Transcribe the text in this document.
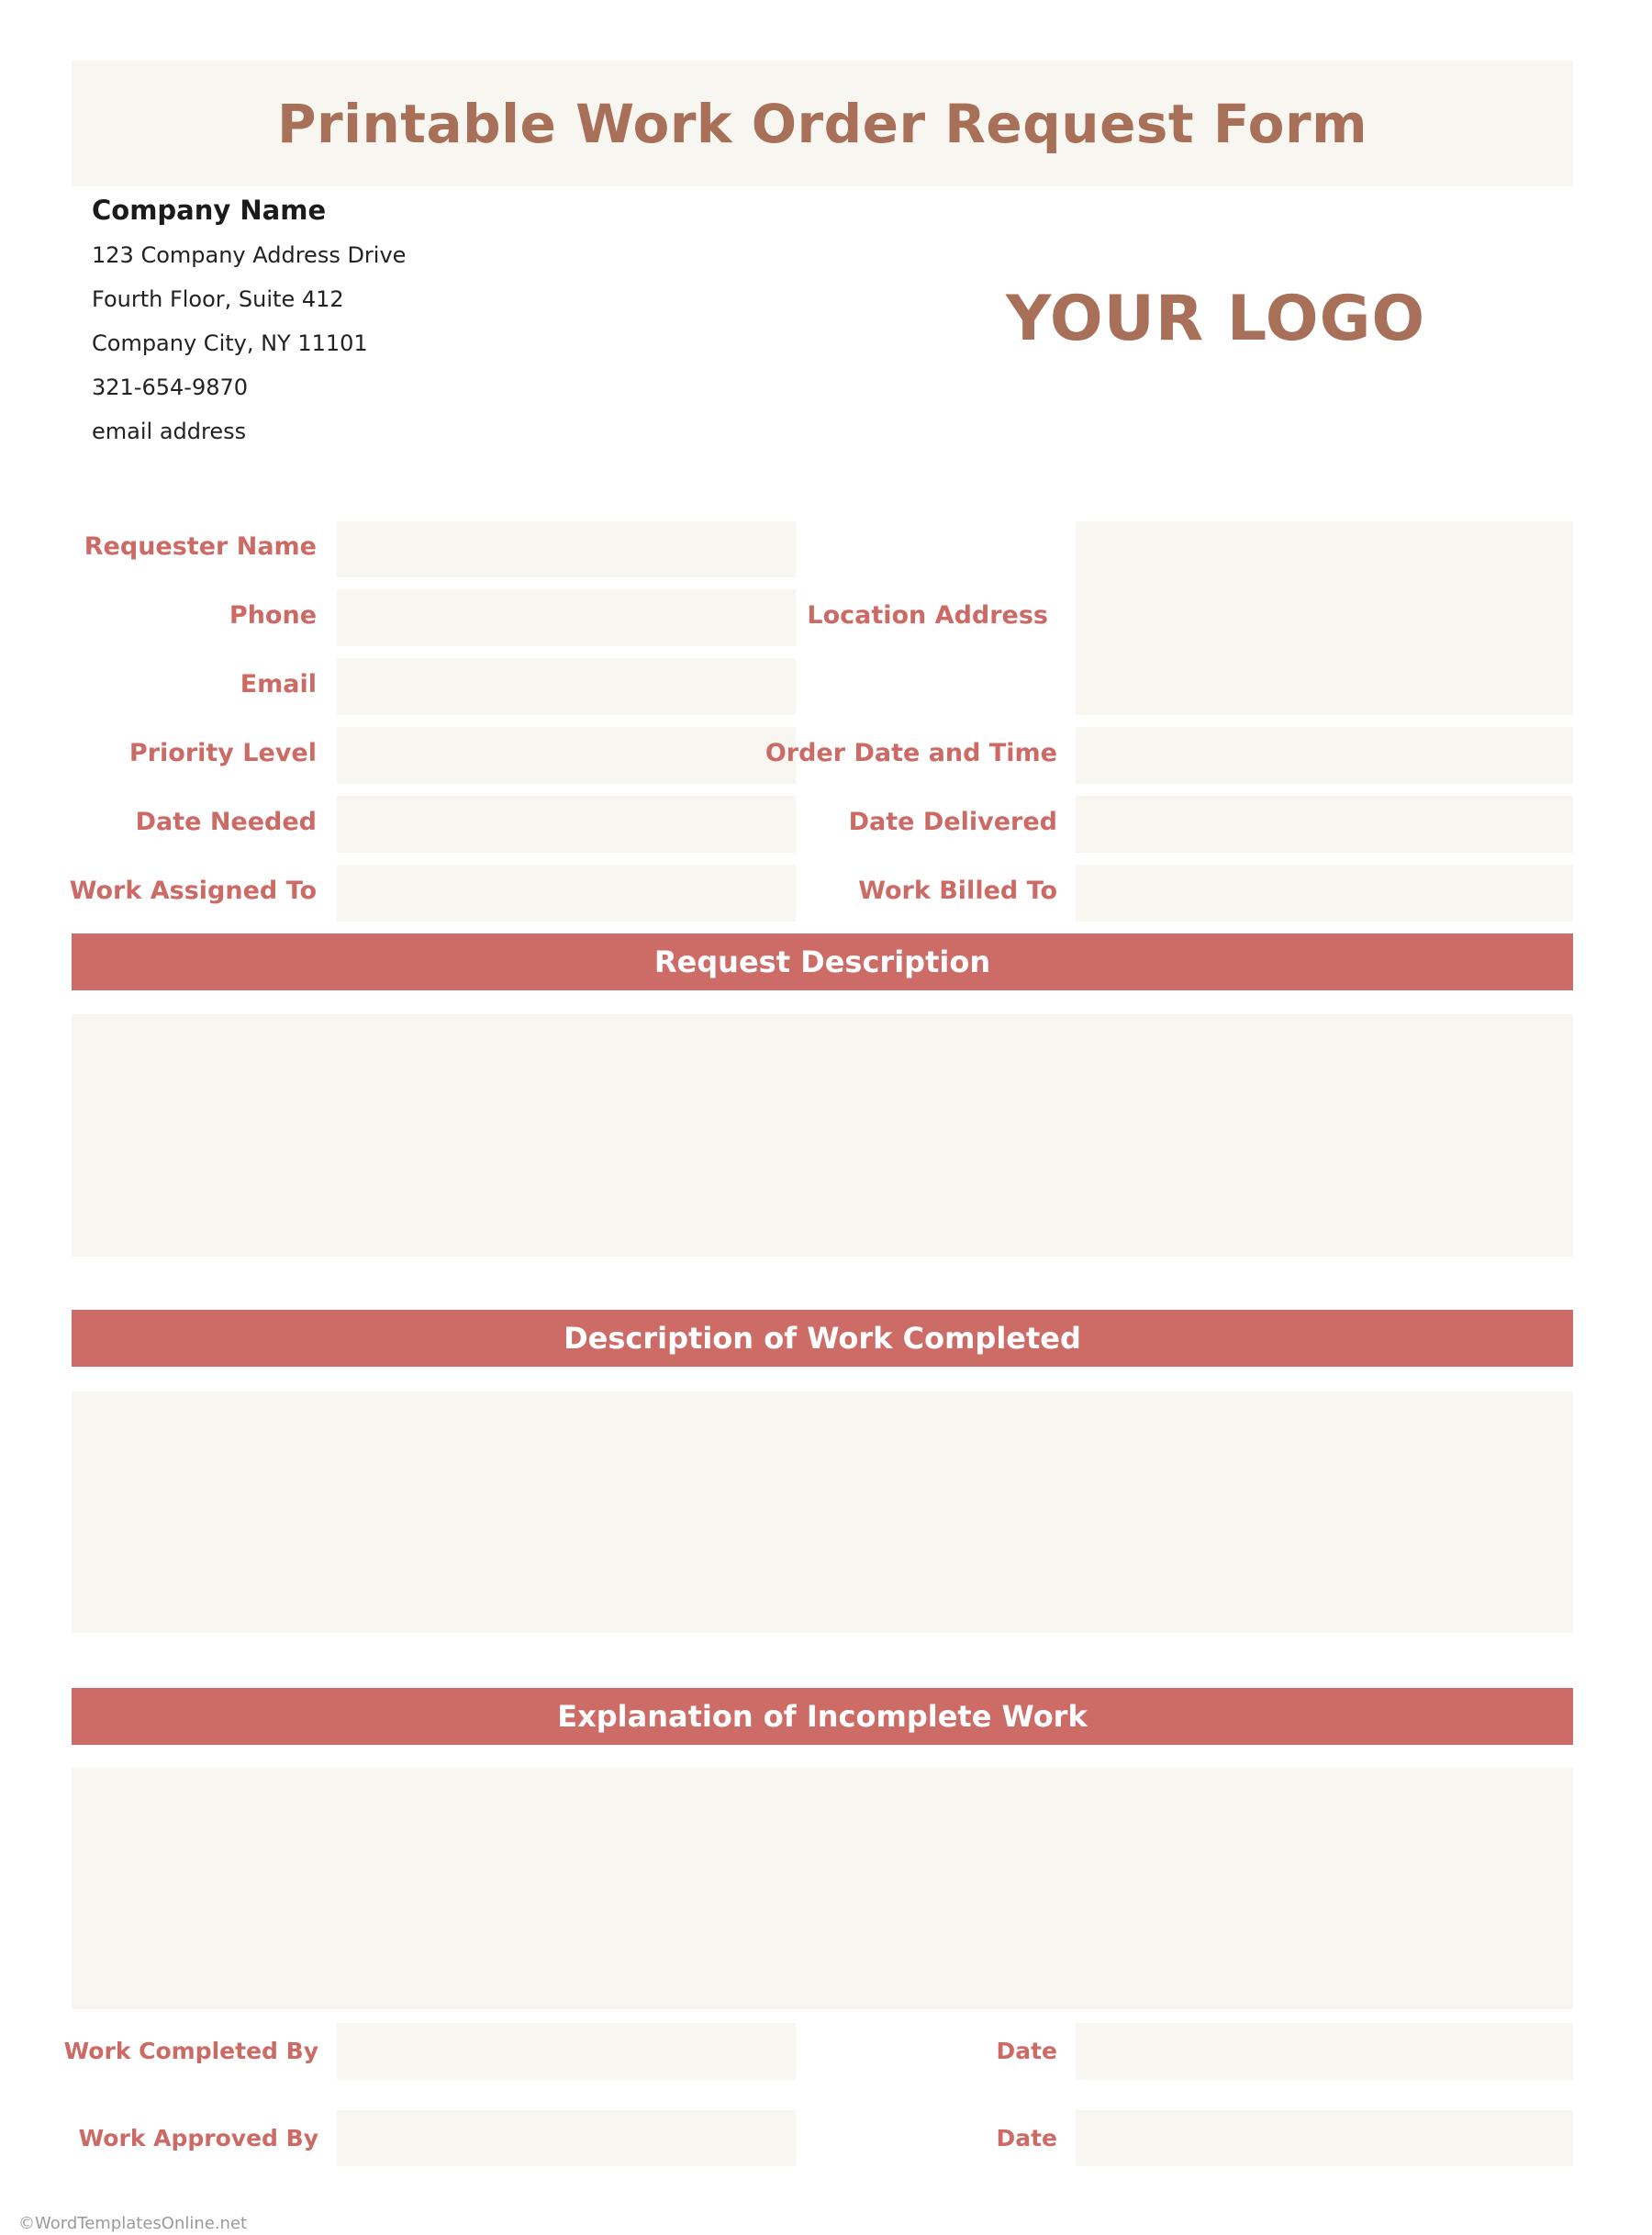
Printable Work Order Request Form
Company Name
123 Company Address Drive
Fourth Floor, Suite 412
Company City, NY 11101
321-654-9870
email address
YOUR LOGO
Requester Name
Phone
Email
Priority Level
Date Needed
Work Assigned To
Location Address
Order Date and Time
Date Delivered
Work Billed To
Request Description
Description of Work Completed
Explanation of Incomplete Work
Work Completed By	Date
Work Approved By	Date
©WordTemplatesOnline.net
